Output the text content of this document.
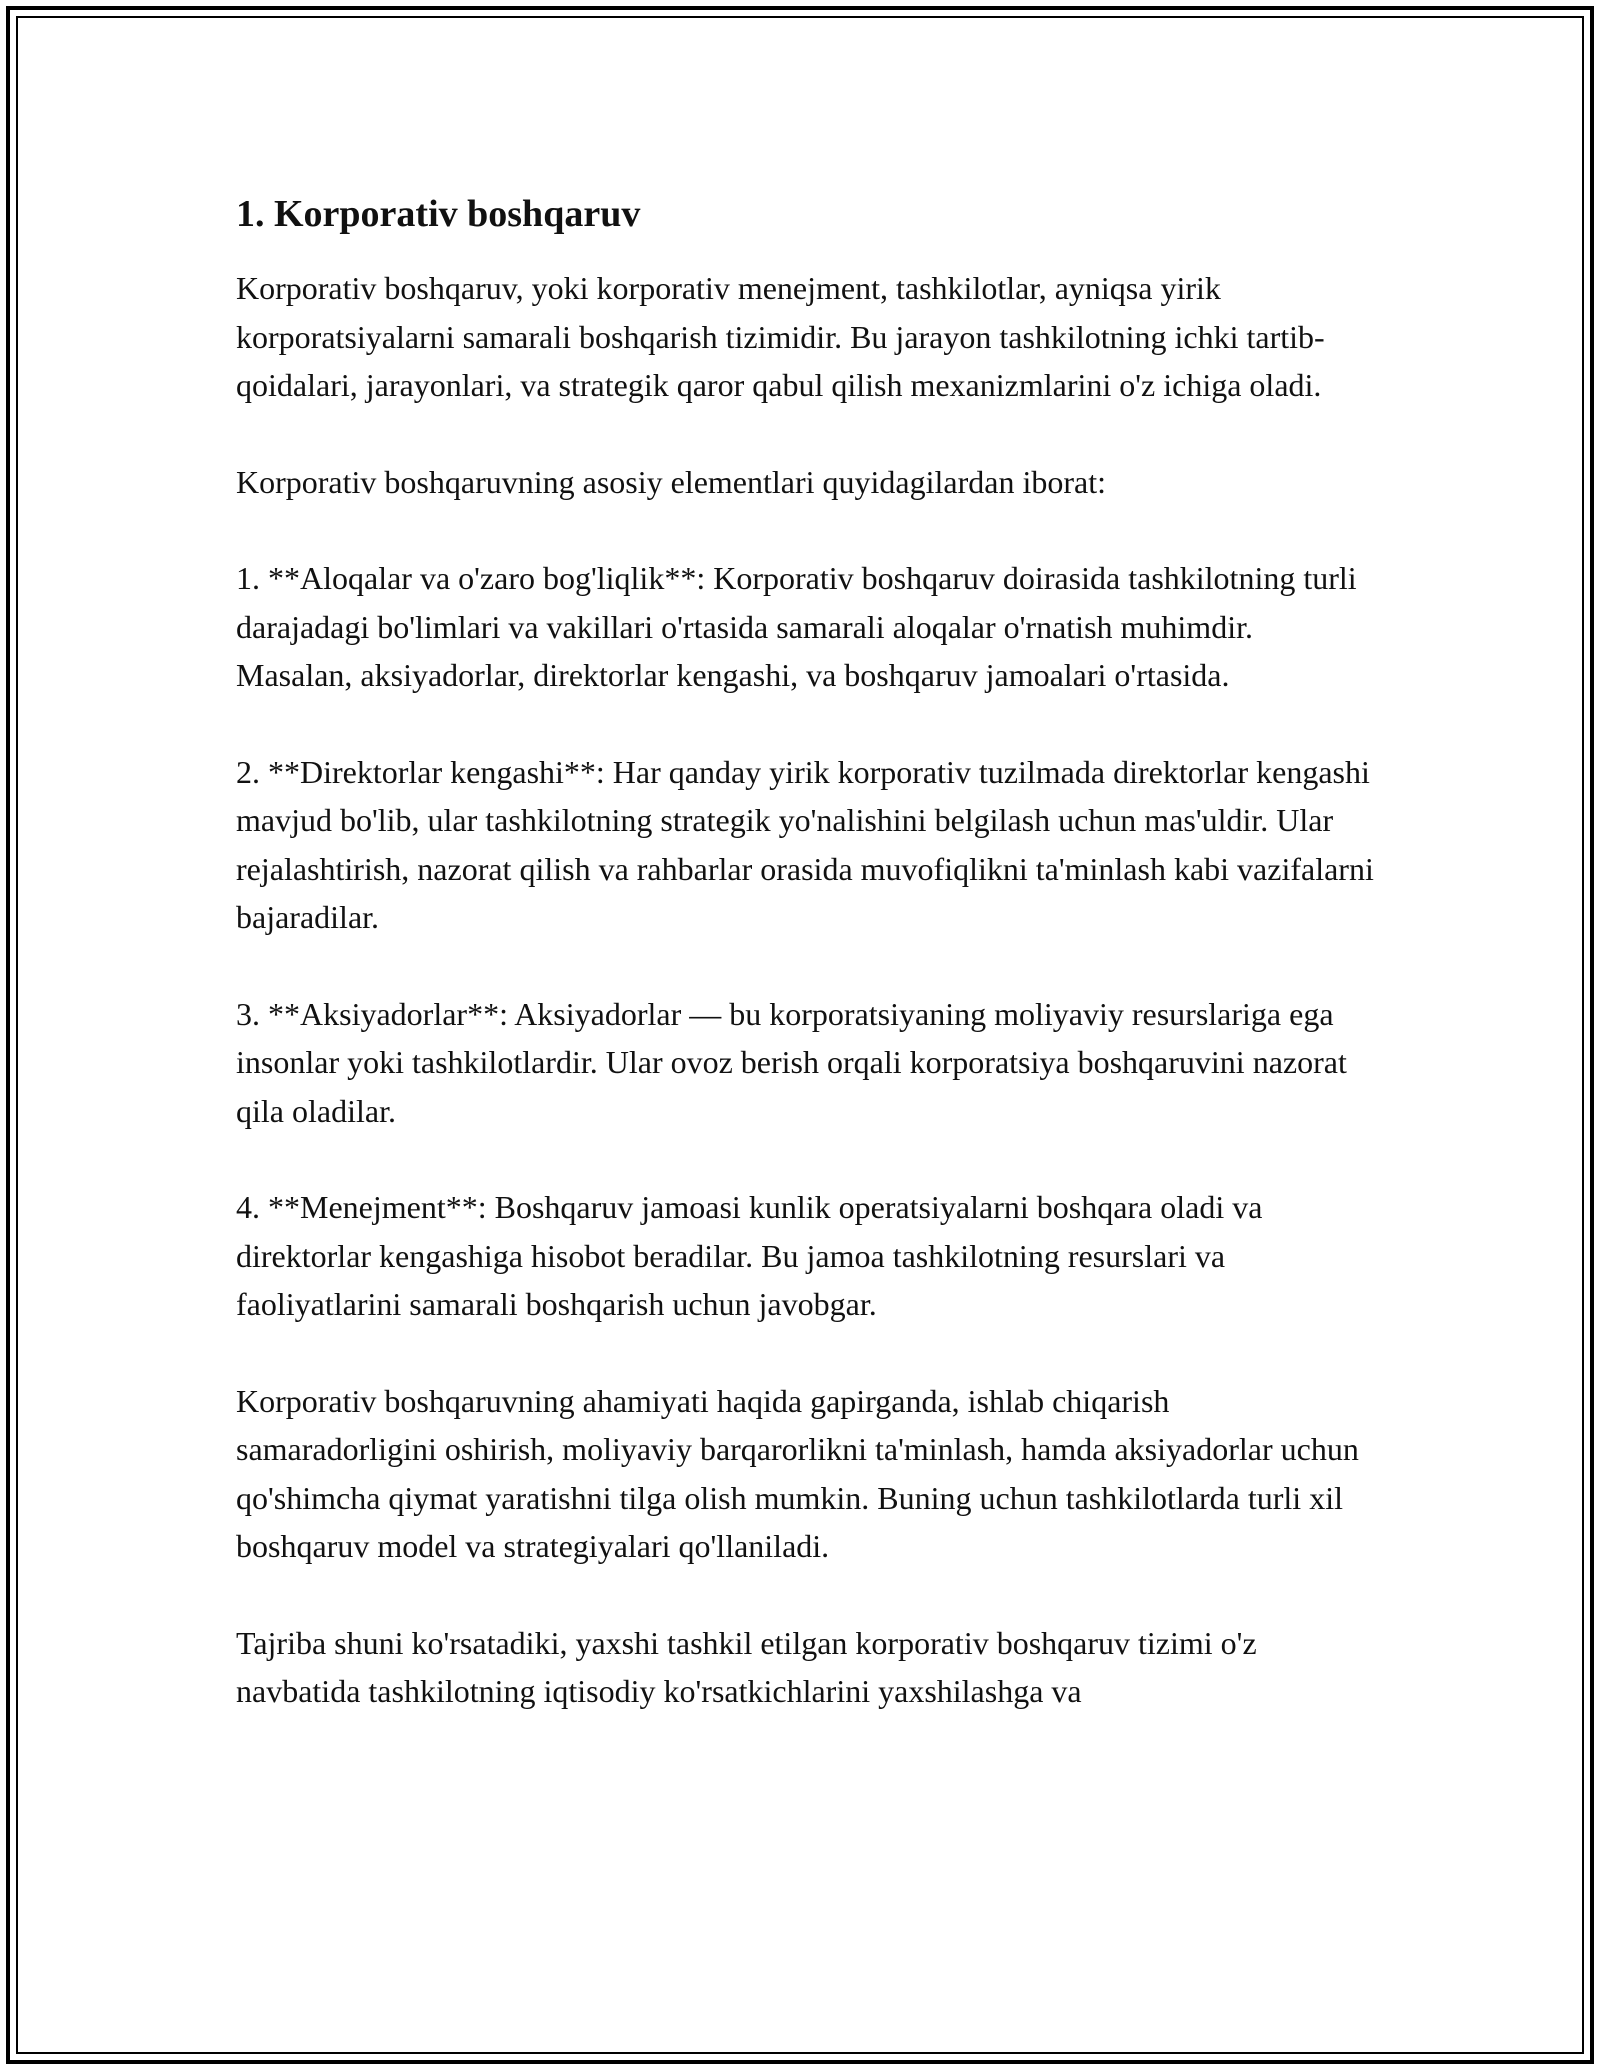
1. Korporativ boshqaruv

Korporativ boshqaruv, yoki korporativ menejment, tashkilotlar, ayniqsa yirik korporatsiyalarni samarali boshqarish tizimidir. Bu jarayon tashkilotning ichki tartib-qoidalari, jarayonlari, va strategik qaror qabul qilish mexanizmlarini o'z ichiga oladi.

Korporativ boshqaruvning asosiy elementlari quyidagilardan iborat:

1. **Aloqalar va o'zaro bog'liqlik**: Korporativ boshqaruv doirasida tashkilotning turli darajadagi bo'limlari va vakillari o'rtasida samarali aloqalar o'rnatish muhimdir. Masalan, aksiyadorlar, direktorlar kengashi, va boshqaruv jamoalari o'rtasida.

2. **Direktorlar kengashi**: Har qanday yirik korporativ tuzilmada direktorlar kengashi mavjud bo'lib, ular tashkilotning strategik yo'nalishini belgilash uchun mas'uldir. Ular rejalashtirish, nazorat qilish va rahbarlar orasida muvofiqlikni ta'minlash kabi vazifalarni bajaradilar.

3. **Aksiyadorlar**: Aksiyadorlar — bu korporatsiyaning moliyaviy resurslariga ega insonlar yoki tashkilotlardir. Ular ovoz berish orqali korporatsiya boshqaruvini nazorat qila oladilar.

4. **Menejment**: Boshqaruv jamoasi kunlik operatsiyalarni boshqara oladi va direktorlar kengashiga hisobot beradilar. Bu jamoa tashkilotning resurslari va faoliyatlarini samarali boshqarish uchun javobgar.

Korporativ boshqaruvning ahamiyati haqida gapirganda, ishlab chiqarish samaradorligini oshirish, moliyaviy barqarorlikni ta'minlash, hamda aksiyadorlar uchun qo'shimcha qiymat yaratishni tilga olish mumkin. Buning uchun tashkilotlarda turli xil boshqaruv model va strategiyalari qo'llaniladi.

Tajriba shuni ko'rsatadiki, yaxshi tashkil etilgan korporativ boshqaruv tizimi o'z navbatida tashkilotning iqtisodiy ko'rsatkichlarini yaxshilashga va
